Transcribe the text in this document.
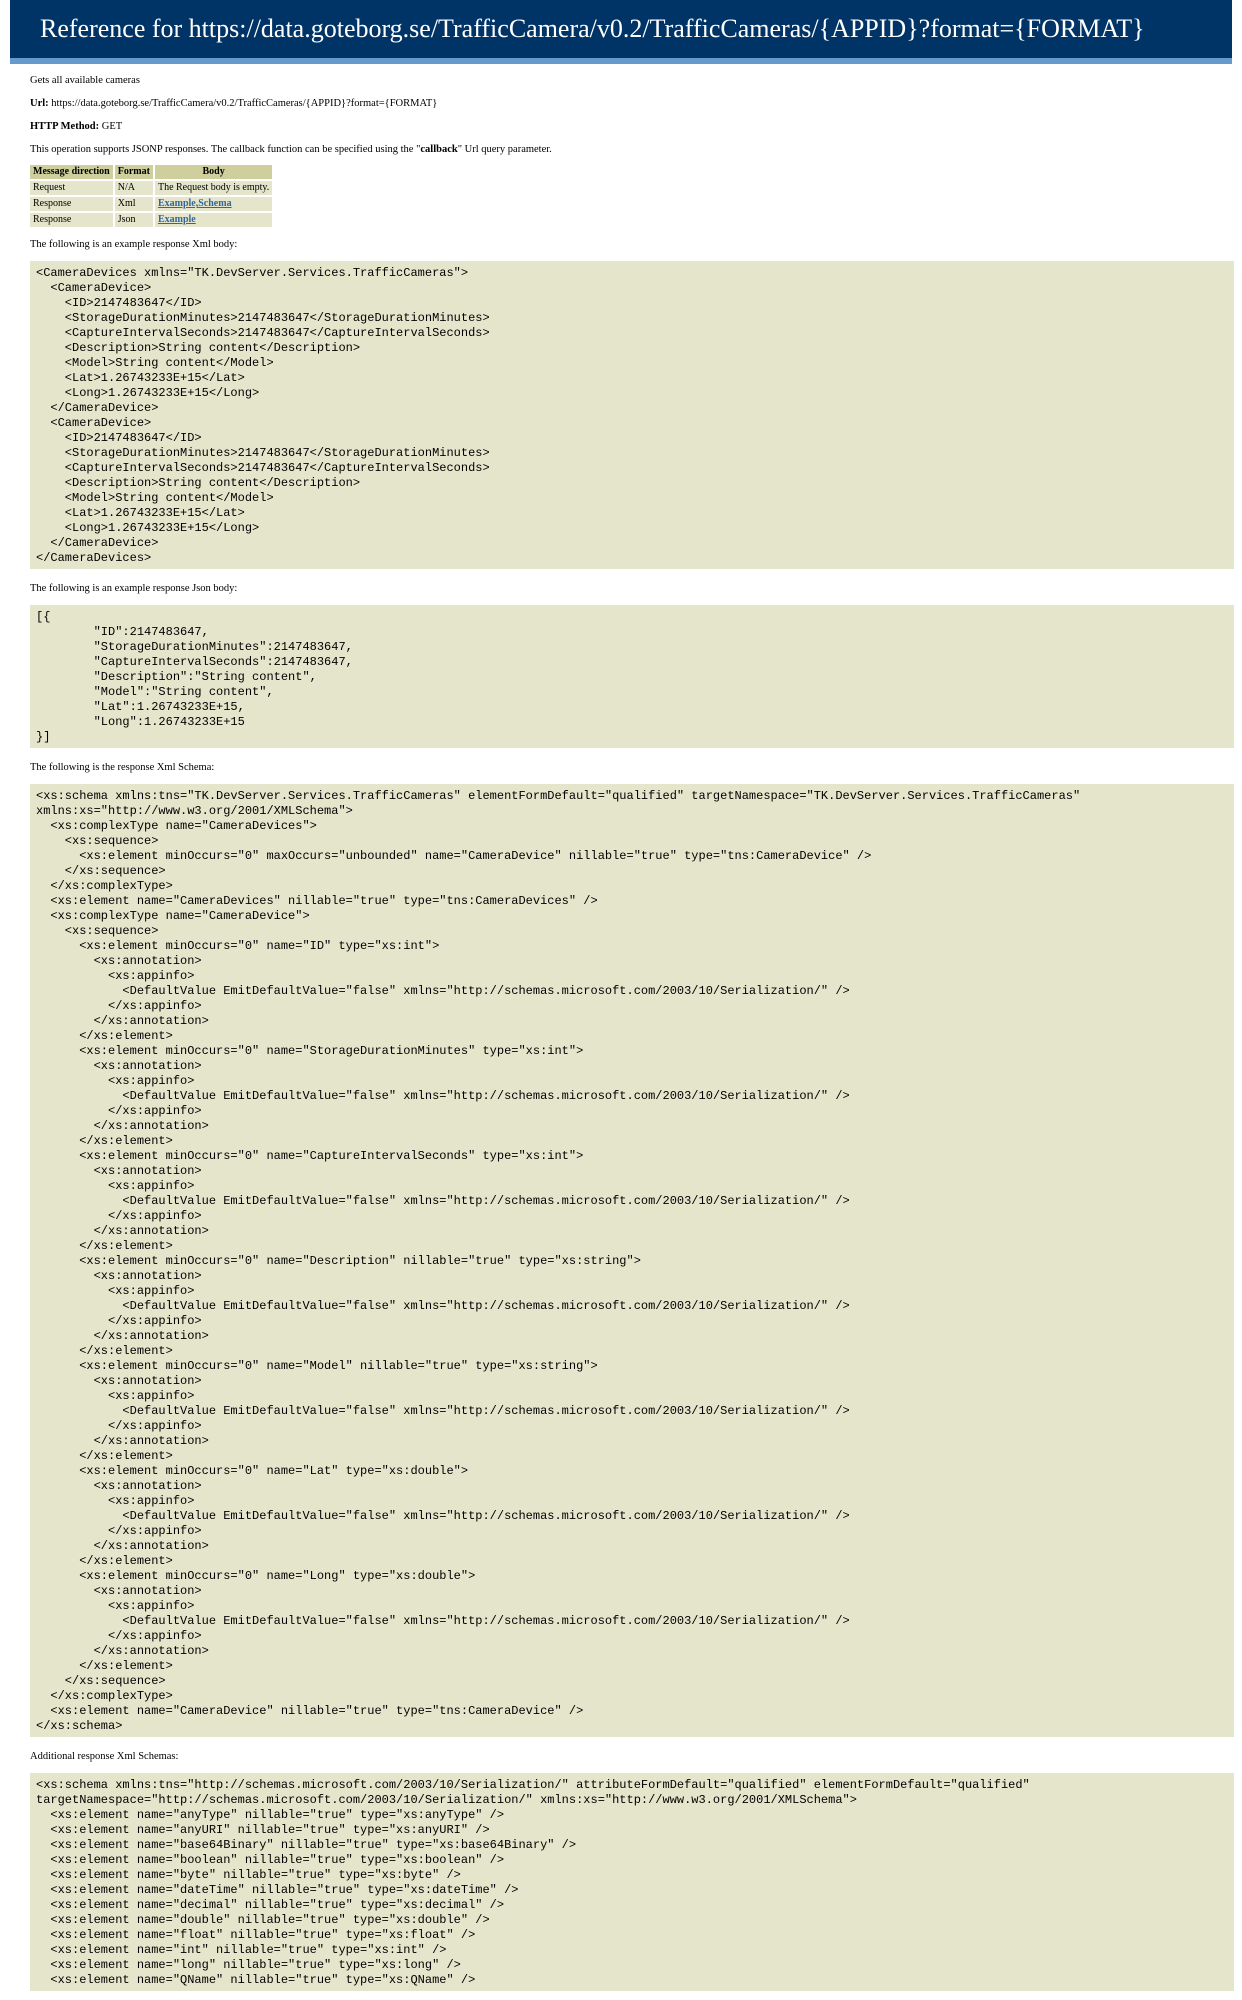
Reference for https://data.goteborg.se/TrafficCamera/v0.2/TrafficCameras/{APPID}?format={FORMAT}

Gets all available cameras

Url: https://data.goteborg.se/TrafficCamera/v0.2/TrafficCameras/{APPID}?format={FORMAT}

HTTP Method: GET

This operation supports JSONP responses. The callback function can be specified using the "callback" Url query parameter.

Message direction	Format	Body
Request	N/A	The Request body is empty.
Response	Xml	Example,Schema
Response	Json	Example

The following is an example response Xml body:

<CameraDevices xmlns="TK.DevServer.Services.TrafficCameras">
<CameraDevice>
<ID>2147483647</ID>
<StorageDurationMinutes>2147483647</StorageDurationMinutes>
<CaptureIntervalSeconds>2147483647</CaptureIntervalSeconds>
<Description>String content</Description>
<Model>String content</Model>
<Lat>1.26743233E+15</Lat>
<Long>1.26743233E+15</Long>
</CameraDevice>
<CameraDevice>
<ID>2147483647</ID>
<StorageDurationMinutes>2147483647</StorageDurationMinutes>
<CaptureIntervalSeconds>2147483647</CaptureIntervalSeconds>
<Description>String content</Description>
<Model>String content</Model>
<Lat>1.26743233E+15</Lat>
<Long>1.26743233E+15</Long>
</CameraDevice>
</CameraDevices>

The following is an example response Json body:

[{
"ID":2147483647,
"StorageDurationMinutes":2147483647,
"CaptureIntervalSeconds":2147483647,
"Description":"String content",
"Model":"String content",
"Lat":1.26743233E+15,
"Long":1.26743233E+15
}]

The following is the response Xml Schema:

<xs:schema xmlns:tns="TK.DevServer.Services.TrafficCameras" elementFormDefault="qualified" targetNamespace="TK.DevServer.Services.TrafficCameras"
xmlns:xs="http://www.w3.org/2001/XMLSchema">
<xs:complexType name="CameraDevices">
<xs:sequence>
<xs:element minOccurs="0" maxOccurs="unbounded" name="CameraDevice" nillable="true" type="tns:CameraDevice" />
</xs:sequence>
</xs:complexType>
<xs:element name="CameraDevices" nillable="true" type="tns:CameraDevices" />
<xs:complexType name="CameraDevice">
<xs:sequence>
<xs:element minOccurs="0" name="ID" type="xs:int">
<xs:annotation>
<xs:appinfo>
<DefaultValue EmitDefaultValue="false" xmlns="http://schemas.microsoft.com/2003/10/Serialization/" />
</xs:appinfo>
</xs:annotation>
</xs:element>
<xs:element minOccurs="0" name="StorageDurationMinutes" type="xs:int">
<xs:annotation>
<xs:appinfo>
<DefaultValue EmitDefaultValue="false" xmlns="http://schemas.microsoft.com/2003/10/Serialization/" />
</xs:appinfo>
</xs:annotation>
</xs:element>
<xs:element minOccurs="0" name="CaptureIntervalSeconds" type="xs:int">
<xs:annotation>
<xs:appinfo>
<DefaultValue EmitDefaultValue="false" xmlns="http://schemas.microsoft.com/2003/10/Serialization/" />
</xs:appinfo>
</xs:annotation>
</xs:element>
<xs:element minOccurs="0" name="Description" nillable="true" type="xs:string">
<xs:annotation>
<xs:appinfo>
<DefaultValue EmitDefaultValue="false" xmlns="http://schemas.microsoft.com/2003/10/Serialization/" />
</xs:appinfo>
</xs:annotation>
</xs:element>
<xs:element minOccurs="0" name="Model" nillable="true" type="xs:string">
<xs:annotation>
<xs:appinfo>
<DefaultValue EmitDefaultValue="false" xmlns="http://schemas.microsoft.com/2003/10/Serialization/" />
</xs:appinfo>
</xs:annotation>
</xs:element>
<xs:element minOccurs="0" name="Lat" type="xs:double">
<xs:annotation>
<xs:appinfo>
<DefaultValue EmitDefaultValue="false" xmlns="http://schemas.microsoft.com/2003/10/Serialization/" />
</xs:appinfo>
</xs:annotation>
</xs:element>
<xs:element minOccurs="0" name="Long" type="xs:double">
<xs:annotation>
<xs:appinfo>
<DefaultValue EmitDefaultValue="false" xmlns="http://schemas.microsoft.com/2003/10/Serialization/" />
</xs:appinfo>
</xs:annotation>
</xs:element>
</xs:sequence>
</xs:complexType>
<xs:element name="CameraDevice" nillable="true" type="tns:CameraDevice" />
</xs:schema>

Additional response Xml Schemas:

<xs:schema xmlns:tns="http://schemas.microsoft.com/2003/10/Serialization/" attributeFormDefault="qualified" elementFormDefault="qualified"
targetNamespace="http://schemas.microsoft.com/2003/10/Serialization/" xmlns:xs="http://www.w3.org/2001/XMLSchema">
<xs:element name="anyType" nillable="true" type="xs:anyType" />
<xs:element name="anyURI" nillable="true" type="xs:anyURI" />
<xs:element name="base64Binary" nillable="true" type="xs:base64Binary" />
<xs:element name="boolean" nillable="true" type="xs:boolean" />
<xs:element name="byte" nillable="true" type="xs:byte" />
<xs:element name="dateTime" nillable="true" type="xs:dateTime" />
<xs:element name="decimal" nillable="true" type="xs:decimal" />
<xs:element name="double" nillable="true" type="xs:double" />
<xs:element name="float" nillable="true" type="xs:float" />
<xs:element name="int" nillable="true" type="xs:int" />
<xs:element name="long" nillable="true" type="xs:long" />
<xs:element name="QName" nillable="true" type="xs:QName" />
